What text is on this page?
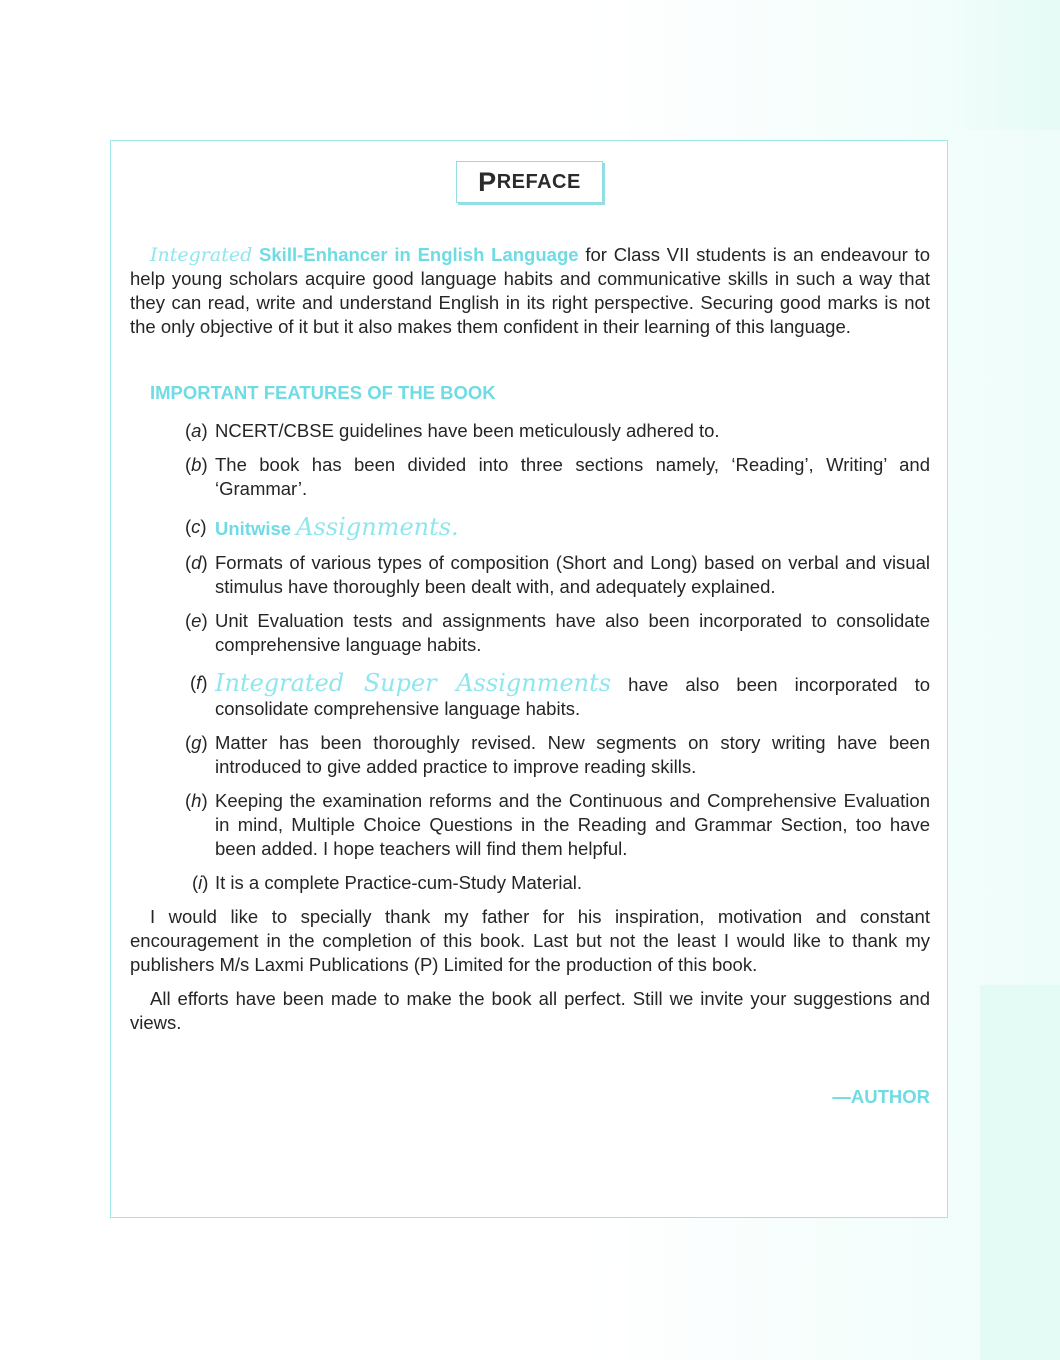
P REFACE

Integrated Skill-Enhancer in English Language for Class VII students is an endeavour to help young scholars acquire good language habits and communicative skills in such a way that they can read, write and understand English in its right perspective. Securing good marks is not the only objective of it but it also makes them confident in their learning of this language.

IMPORTANT FEATURES OF THE BOOK
(a) NCERT/CBSE guidelines have been meticulously adhered to.
(b) The book has been divided into three sections namely, ‘Reading’, Writing’ and ‘Grammar’.
(c) Unitwise Assignments.
(d) Formats of various types of composition (Short and Long) based on verbal and visual stimulus have thoroughly been dealt with, and adequately explained.
(e) Unit Evaluation tests and assignments have also been incorporated to consolidate comprehensive language habits.
(f) Integrated Super Assignments have also been incorporated to consolidate comprehensive language habits.
(g) Matter has been thoroughly revised. New segments on story writing have been introduced to give added practice to improve reading skills.
(h) Keeping the examination reforms and the Continuous and Comprehensive Evaluation in mind, Multiple Choice Questions in the Reading and Grammar Section, too have been added. I hope teachers will find them helpful.
(i) It is a complete Practice-cum-Study Material.

I would like to specially thank my father for his inspiration, motivation and constant encouragement in the completion of this book. Last but not the least I would like to thank my publishers M/s Laxmi Publications (P) Limited for the production of this book.

All efforts have been made to make the book all perfect. Still we invite your suggestions and views.

—AUTHOR
